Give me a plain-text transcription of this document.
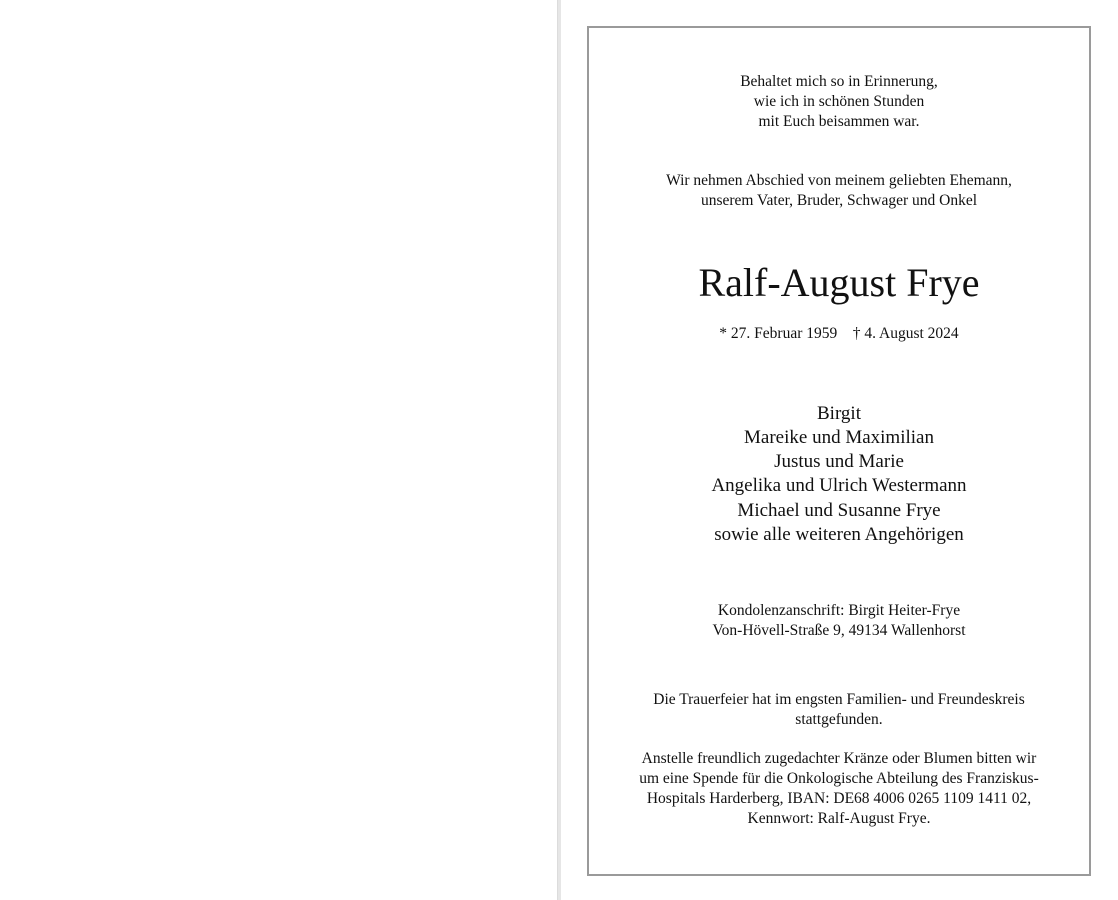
Behaltet mich so in Erinnerung,
wie ich in schönen Stunden
mit Euch beisammen war.
Wir nehmen Abschied von meinem geliebten Ehemann,
unserem Vater, Bruder, Schwager und Onkel
Ralf-August Frye
* 27. Februar 1959    † 4. August 2024
Birgit
Mareike und Maximilian
Justus und Marie
Angelika und Ulrich Westermann
Michael und Susanne Frye
sowie alle weiteren Angehörigen
Kondolenzanschrift: Birgit Heiter-Frye
Von-Hövell-Straße 9, 49134 Wallenhorst
Die Trauerfeier hat im engsten Familien- und Freundeskreis
stattgefunden.
Anstelle freundlich zugedachter Kränze oder Blumen bitten wir
um eine Spende für die Onkologische Abteilung des Franziskus-
Hospitals Harderberg, IBAN: DE68 4006 0265 1109 1411 02,
Kennwort: Ralf-August Frye.
